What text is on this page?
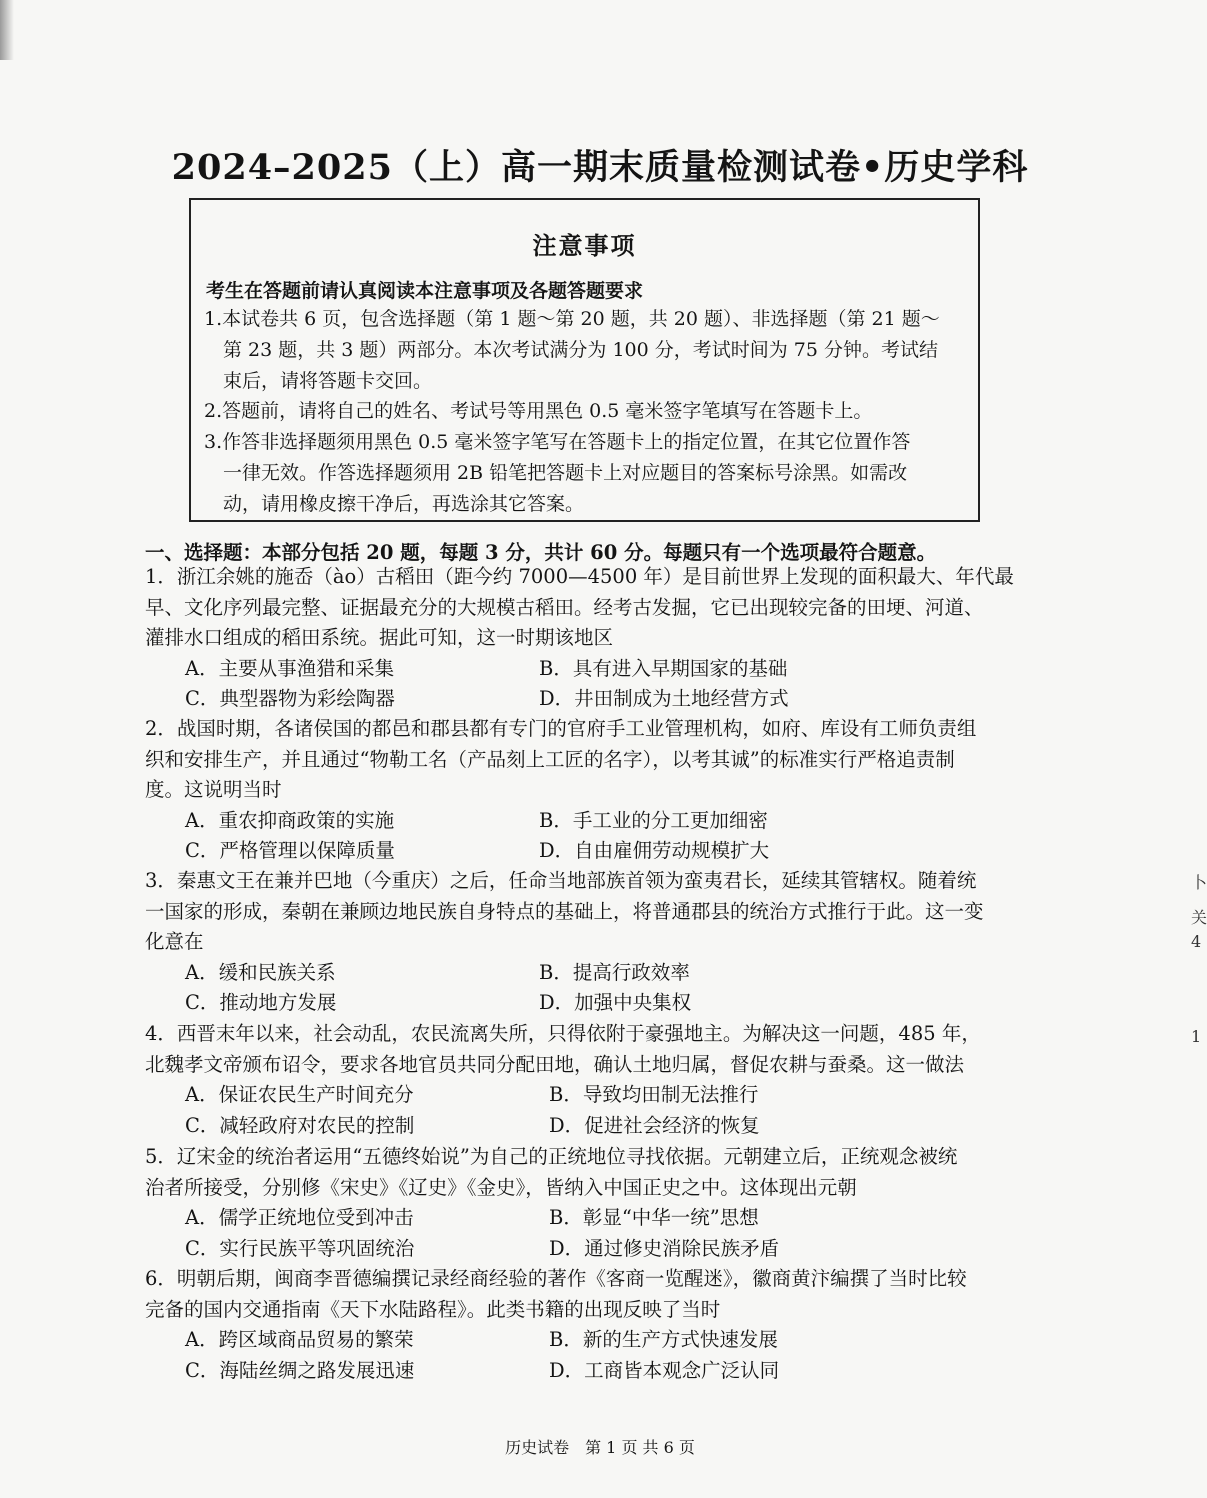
2024–2025（上）高一期末质量检测试卷•历史学科
注意事项
考生在答题前请认真阅读本注意事项及各题答题要求
1.本试卷共 6 页，包含选择题（第 1 题～第 20 题，共 20 题）、非选择题（第 21 题～
第 23 题，共 3 题）两部分。本次考试满分为 100 分，考试时间为 75 分钟。考试结
束后，请将答题卡交回。
2.答题前，请将自己的姓名、考试号等用黑色 0.5 毫米签字笔填写在答题卡上。
3.作答非选择题须用黑色 0.5 毫米签字笔写在答题卡上的指定位置，在其它位置作答
一律无效。作答选择题须用 2B 铅笔把答题卡上对应题目的答案标号涂黑。如需改
动，请用橡皮擦干净后，再选涂其它答案。
一、选择题：本部分包括 20 题，每题 3 分，共计 60 分。每题只有一个选项最符合题意。
1．浙江余姚的施岙（ào）古稻田（距今约 7000—4500 年）是目前世界上发现的面积最大、年代最
早、文化序列最完整、证据最充分的大规模古稻田。经考古发掘，它已出现较完备的田埂、河道、
灌排水口组成的稻田系统。据此可知，这一时期该地区
A．主要从事渔猎和采集	B．具有进入早期国家的基础
C．典型器物为彩绘陶器	D．井田制成为土地经营方式
2．战国时期，各诸侯国的都邑和郡县都有专门的官府手工业管理机构，如府、库设有工师负责组
织和安排生产，并且通过“物勒工名（产品刻上工匠的名字），以考其诚”的标准实行严格追责制
度。这说明当时
A．重农抑商政策的实施	B．手工业的分工更加细密
C．严格管理以保障质量	D．自由雇佣劳动规模扩大
3．秦惠文王在兼并巴地（今重庆）之后，任命当地部族首领为蛮夷君长，延续其管辖权。随着统
一国家的形成，秦朝在兼顾边地民族自身特点的基础上，将普通郡县的统治方式推行于此。这一变
化意在
A．缓和民族关系	B．提高行政效率
C．推动地方发展	D．加强中央集权
4．西晋末年以来，社会动乱，农民流离失所，只得依附于豪强地主。为解决这一问题，485 年，
北魏孝文帝颁布诏令，要求各地官员共同分配田地，确认土地归属，督促农耕与蚕桑。这一做法
A．保证农民生产时间充分	B．导致均田制无法推行
C．减轻政府对农民的控制	D．促进社会经济的恢复
5．辽宋金的统治者运用“五德终始说”为自己的正统地位寻找依据。元朝建立后，正统观念被统
治者所接受，分别修《宋史》《辽史》《金史》，皆纳入中国正史之中。这体现出元朝
A．儒学正统地位受到冲击	B．彰显“中华一统”思想
C．实行民族平等巩固统治	D．通过修史消除民族矛盾
6．明朝后期，闽商李晋德编撰记录经商经验的著作《客商一览醒迷》，徽商黄汴编撰了当时比较
完备的国内交通指南《天下水陆路程》。此类书籍的出现反映了当时
A．跨区域商品贸易的繁荣	B．新的生产方式快速发展
C．海陆丝绸之路发展迅速	D．工商皆本观念广泛认同
历史试卷　第 1 页 共 6 页
卜
关
4
1
